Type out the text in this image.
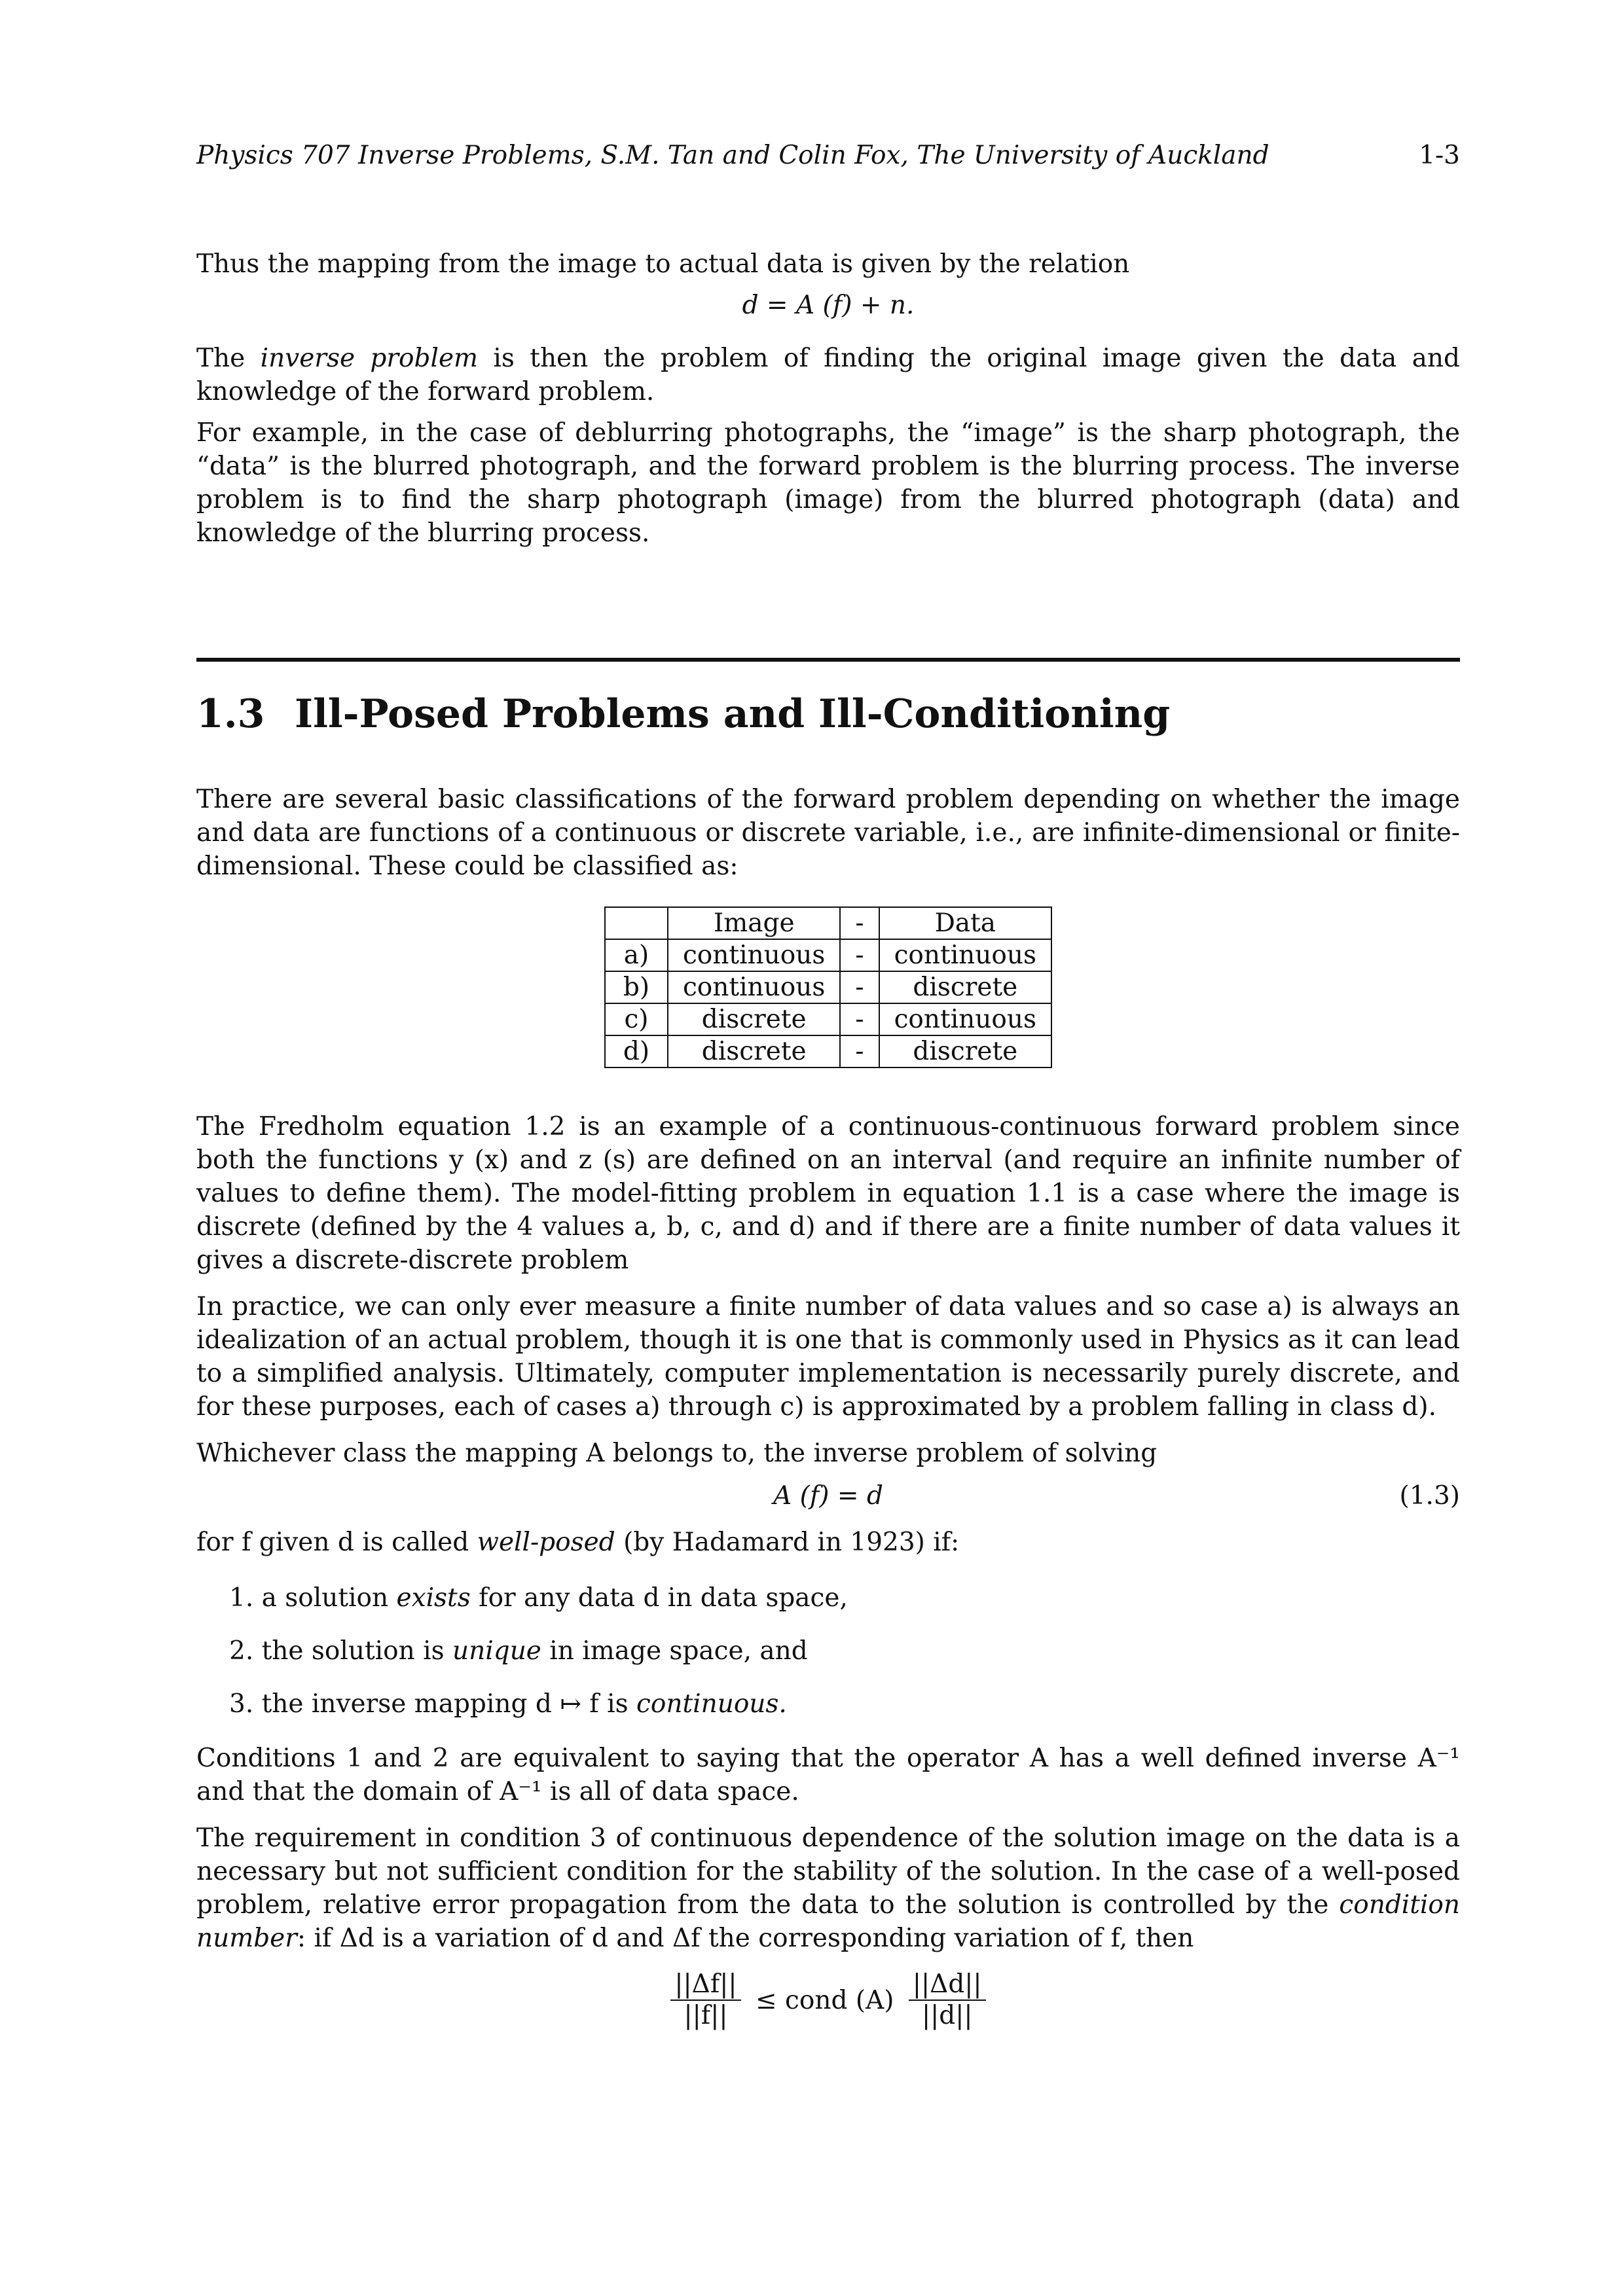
Physics 707 Inverse Problems, S.M. Tan and Colin Fox, The University of Auckland	1-3

Thus the mapping from the image to actual data is given by the relation

d = A (f) + n.

The inverse problem is then the problem of finding the original image given the data and knowledge of the forward problem.

For example, in the case of deblurring photographs, the “image” is the sharp photograph, the “data” is the blurred photograph, and the forward problem is the blurring process. The inverse problem is to find the sharp photograph (image) from the blurred photograph (data) and knowledge of the blurring process.

1.3 Ill-Posed Problems and Ill-Conditioning

There are several basic classifications of the forward problem depending on whether the image and data are functions of a continuous or discrete variable, i.e., are infinite-dimensional or finite-dimensional. These could be classified as:

	Image	-	Data
a)	continuous	-	continuous
b)	continuous	-	discrete
c)	discrete	-	continuous
d)	discrete	-	discrete

The Fredholm equation 1.2 is an example of a continuous-continuous forward problem since both the functions y (x) and z (s) are defined on an interval (and require an infinite number of values to define them). The model-fitting problem in equation 1.1 is a case where the image is discrete (defined by the 4 values a, b, c, and d) and if there are a finite number of data values it gives a discrete-discrete problem

In practice, we can only ever measure a finite number of data values and so case a) is always an idealization of an actual problem, though it is one that is commonly used in Physics as it can lead to a simplified analysis. Ultimately, computer implementation is necessarily purely discrete, and for these purposes, each of cases a) through c) is approximated by a problem falling in class d).

Whichever class the mapping A belongs to, the inverse problem of solving

A (f) = d	(1.3)

for f given d is called well-posed (by Hadamard in 1923) if:

1. a solution exists for any data d in data space,
2. the solution is unique in image space, and
3. the inverse mapping d ↦ f is continuous.

Conditions 1 and 2 are equivalent to saying that the operator A has a well defined inverse A⁻¹ and that the domain of A⁻¹ is all of data space.

The requirement in condition 3 of continuous dependence of the solution image on the data is a necessary but not sufficient condition for the stability of the solution. In the case of a well-posed problem, relative error propagation from the data to the solution is controlled by the condition number: if Δd is a variation of d and Δf the corresponding variation of f, then

$\frac{||\Delta f||}{||f||}$ ≤ cond $(A) \frac{||\Delta d||}{||d||}$
